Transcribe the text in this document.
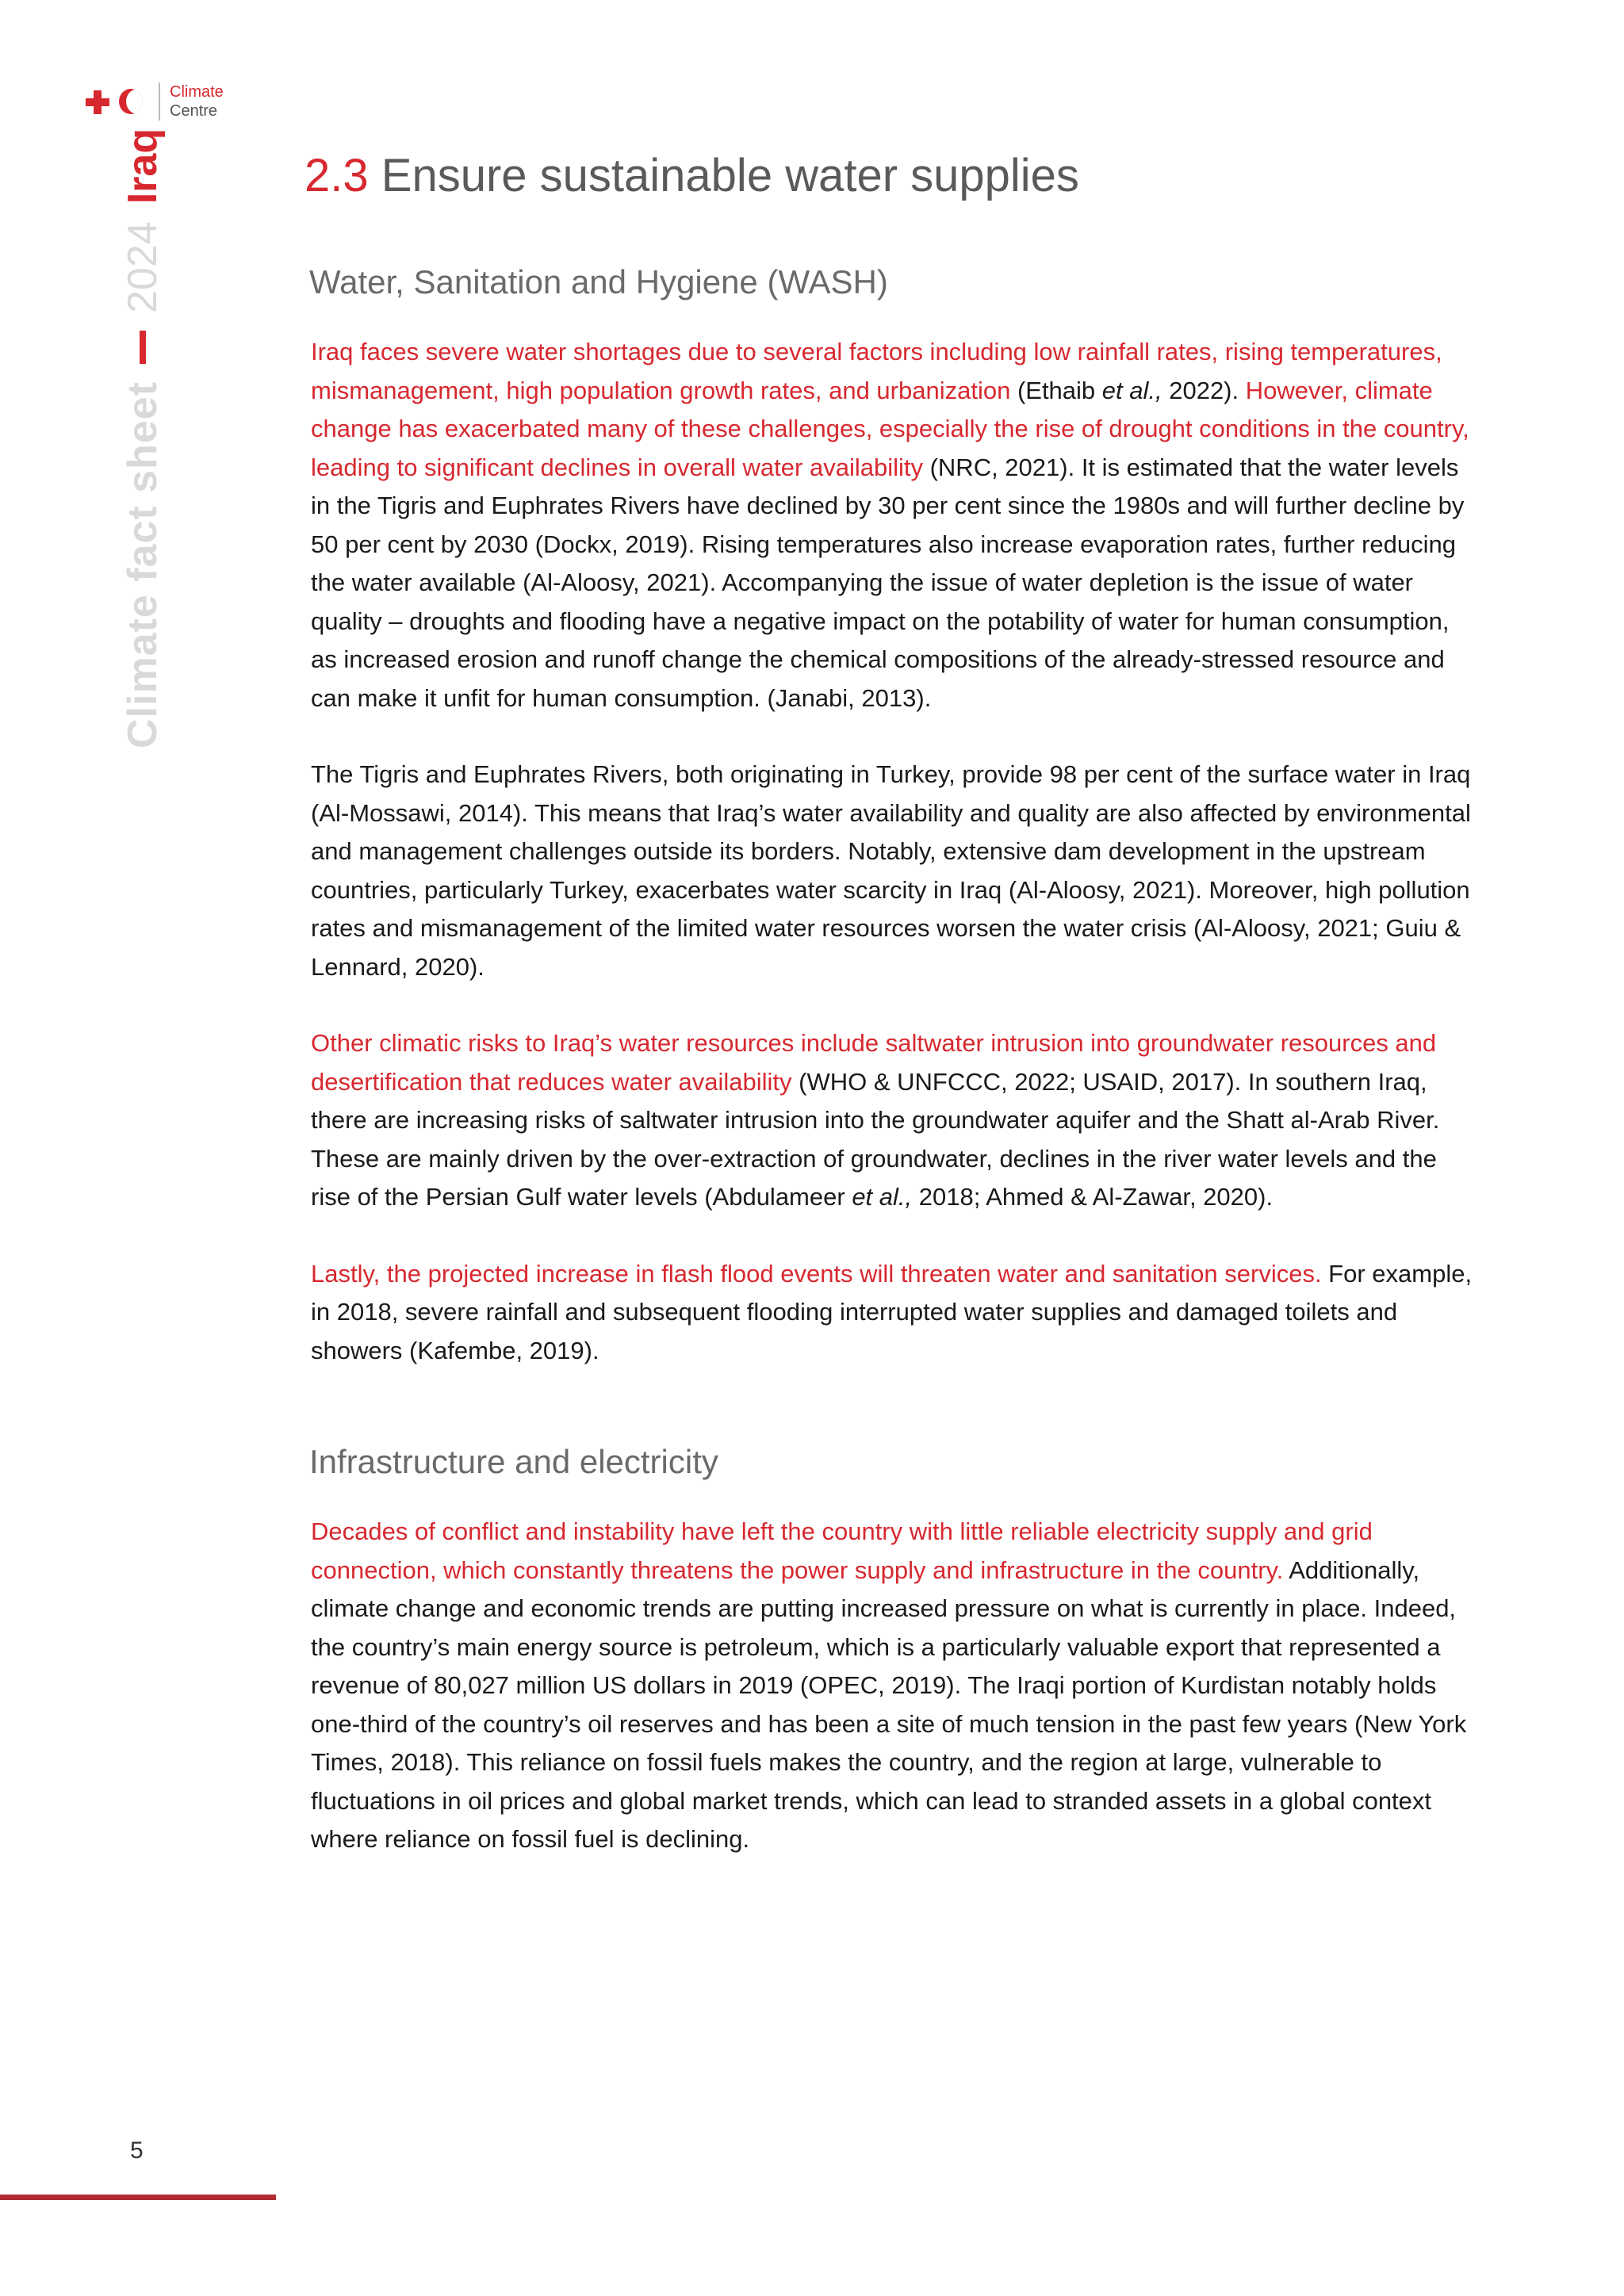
Climate
Centre
Climate fact sheet
2024
Iraq	2.3 Ensure sustainable water supplies
Water, Sanitation and Hygiene (WASH)

Iraq faces severe water shortages due to several factors including low rainfall rates, rising temperatures, mismanagement, high population growth rates, and urbanization (Ethaib et al., 2022). However, climate change has exacerbated many of these challenges, especially the rise of drought conditions in the country, leading to significant declines in overall water availability (NRC, 2021). It is estimated that the water levels in the Tigris and Euphrates Rivers have declined by 30 per cent since the 1980s and will further decline by 50 per cent by 2030 (Dockx, 2019). Rising temperatures also increase evaporation rates, further reducing the water available (Al-Aloosy, 2021). Accompanying the issue of water depletion is the issue of water quality – droughts and flooding have a negative impact on the potability of water for human consumption, as increased erosion and runoff change the chemical compositions of the already-stressed resource and can make it unfit for human consumption. (Janabi, 2013).

The Tigris and Euphrates Rivers, both originating in Turkey, provide 98 per cent of the surface water in Iraq (Al-Mossawi, 2014). This means that Iraq’s water availability and quality are also affected by environmental and management challenges outside its borders. Notably, extensive dam development in the upstream countries, particularly Turkey, exacerbates water scarcity in Iraq (Al-Aloosy, 2021). Moreover, high pollution rates and mismanagement of the limited water resources worsen the water crisis (Al-Aloosy, 2021; Guiu & Lennard, 2020).

Other climatic risks to Iraq’s water resources include saltwater intrusion into groundwater resources and desertification that reduces water availability (WHO & UNFCCC, 2022; USAID, 2017). In southern Iraq, there are increasing risks of saltwater intrusion into the groundwater aquifer and the Shatt al-Arab River. These are mainly driven by the over-extraction of groundwater, declines in the river water levels and the rise of the Persian Gulf water levels (Abdulameer et al., 2018; Ahmed & Al-Zawar, 2020).

Lastly, the projected increase in flash flood events will threaten water and sanitation services. For example, in 2018, severe rainfall and subsequent flooding interrupted water supplies and damaged toilets and showers (Kafembe, 2019).

Infrastructure and electricity

Decades of conflict and instability have left the country with little reliable electricity supply and grid connection, which constantly threatens the power supply and infrastructure in the country. Additionally, climate change and economic trends are putting increased pressure on what is currently in place. Indeed, the country’s main energy source is petroleum, which is a particularly valuable export that represented a revenue of 80,027 million US dollars in 2019 (OPEC, 2019). The Iraqi portion of Kurdistan notably holds one-third of the country’s oil reserves and has been a site of much tension in the past few years (New York Times, 2018). This reliance on fossil fuels makes the country, and the region at large, vulnerable to fluctuations in oil prices and global market trends, which can lead to stranded assets in a global context where reliance on fossil fuel is declining.

5
